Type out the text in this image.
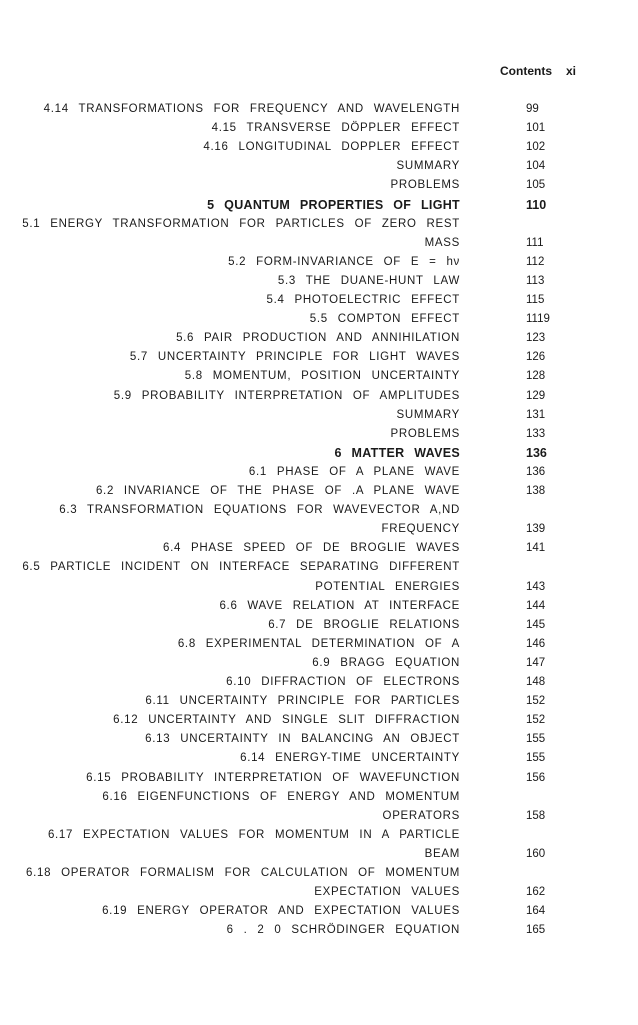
Contents xi
4.14 TRANSFORMATIONS FOR FREQUENCY AND WAVELENGTH	99
4.15 TRANSVERSE DÖPPLER EFFECT	101
4.16 LONGITUDINAL DOPPLER EFFECT	102
SUMMARY	104
PROBLEMS	105
5 QUANTUM PROPERTIES OF LIGHT	110
5.1 ENERGY TRANSFORMATION FOR PARTICLES OF ZERO REST
MASS	111
5.2 FORM-INVARIANCE OF E = hν	112
5.3 THE DUANE-HUNT LAW	113
5.4 PHOTOELECTRIC EFFECT	115
5.5 COMPTON EFFECT	1119
5.6 PAIR PRODUCTION AND ANNIHILATION	123
5.7 UNCERTAINTY PRINCIPLE FOR LIGHT WAVES	126
5.8 MOMENTUM, POSITION UNCERTAINTY	128
5.9 PROBABILITY INTERPRETATION OF AMPLITUDES	129
SUMMARY	131
PROBLEMS	133
6 MATTER WAVES	136
6.1 PHASE OF A PLANE WAVE	136
6.2 INVARIANCE OF THE PHASE OF .A PLANE WAVE	138
6.3 TRANSFORMATION EQUATIONS FOR WAVEVECTOR A,ND
FREQUENCY	139
6.4 PHASE SPEED OF DE BROGLIE WAVES	141
6.5 PARTICLE INCIDENT ON INTERFACE SEPARATING DIFFERENT
POTENTIAL ENERGIES	143
6.6 WAVE RELATION AT INTERFACE	144
6.7 DE BROGLIE RELATIONS	145
6.8 EXPERIMENTAL DETERMINATION OF A	146
6.9 BRAGG EQUATION	147
6.10 DIFFRACTION OF ELECTRONS	148
6.11 UNCERTAINTY PRINCIPLE FOR PARTICLES	152
6.12 UNCERTAINTY AND SINGLE SLIT DIFFRACTION	152
6.13 UNCERTAINTY IN BALANCING AN OBJECT	155
6.14 ENERGY-TIME UNCERTAINTY	155
6.15 PROBABILITY INTERPRETATION OF WAVEFUNCTION	156
6.16 EIGENFUNCTIONS OF ENERGY AND MOMENTUM
OPERATORS	158
6.17 EXPECTATION VALUES FOR MOMENTUM IN A PARTICLE
BEAM	160
6.18 OPERATOR FORMALISM FOR CALCULATION OF MOMENTUM
EXPECTATION VALUES	162
6.19 ENERGY OPERATOR AND EXPECTATION VALUES	164
6 . 2 0 SCHRÖDINGER EQUATION	165
